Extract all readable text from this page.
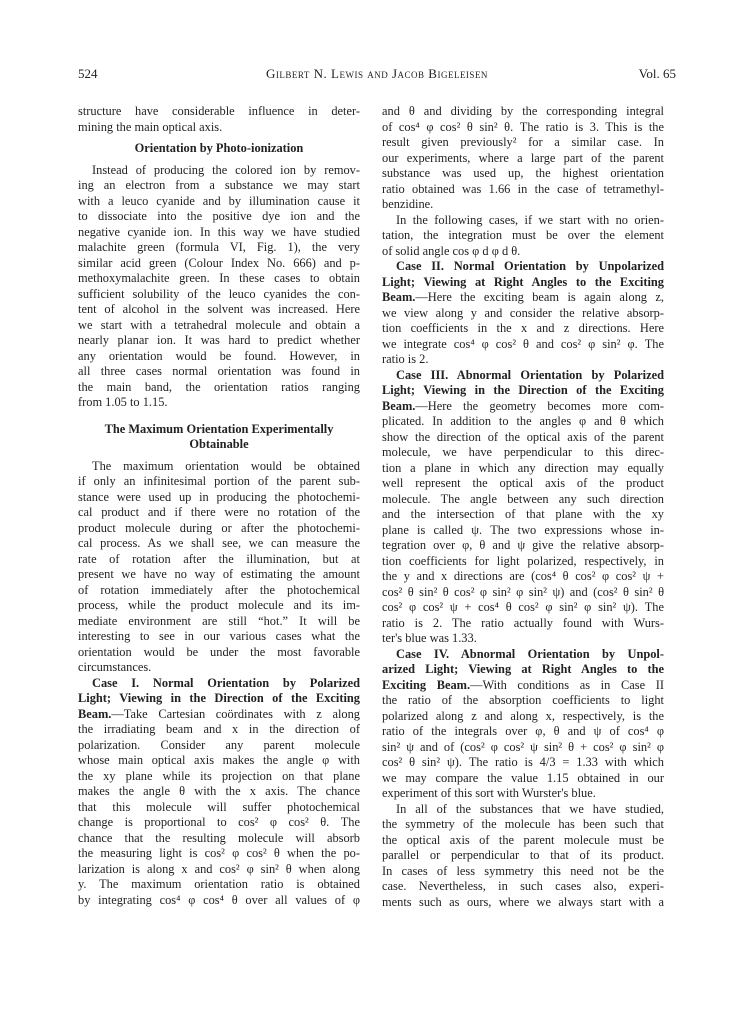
524	Gilbert N. Lewis and Jacob Bigeleisen	Vol. 65
structure have considerable influence in deter-
mining the main optical axis.
Orientation by Photo-ionization
Instead of producing the colored ion by remov-
ing an electron from a substance we may start
with a leuco cyanide and by illumination cause it
to dissociate into the positive dye ion and the
negative cyanide ion. In this way we have studied
malachite green (formula VI, Fig. 1), the very
similar acid green (Colour Index No. 666) and p-
methoxymalachite green. In these cases to obtain
sufficient solubility of the leuco cyanides the con-
tent of alcohol in the solvent was increased. Here
we start with a tetrahedral molecule and obtain a
nearly planar ion. It was hard to predict whether
any orientation would be found. However, in
all three cases normal orientation was found in
the main band, the orientation ratios ranging
from 1.05 to 1.15.
The Maximum Orientation Experimentally
Obtainable
The maximum orientation would be obtained
if only an infinitesimal portion of the parent sub-
stance were used up in producing the photochemi-
cal product and if there were no rotation of the
product molecule during or after the photochemi-
cal process. As we shall see, we can measure the
rate of rotation after the illumination, but at
present we have no way of estimating the amount
of rotation immediately after the photochemical
process, while the product molecule and its im-
mediate environment are still “hot.” It will be
interesting to see in our various cases what the
orientation would be under the most favorable
circumstances.
Case I. Normal Orientation by Polarized
Light; Viewing in the Direction of the Exciting
Beam.—Take Cartesian coördinates with z along
the irradiating beam and x in the direction of
polarization. Consider any parent molecule
whose main optical axis makes the angle φ with
the xy plane while its projection on that plane
makes the angle θ with the x axis. The chance
that this molecule will suffer photochemical
change is proportional to cos² φ cos² θ. The
chance that the resulting molecule will absorb
the measuring light is cos² φ cos² θ when the po-
larization is along x and cos² φ sin² θ when along
y. The maximum orientation ratio is obtained
by integrating cos⁴ φ cos⁴ θ over all values of φ
and θ and dividing by the corresponding integral
of cos⁴ φ cos² θ sin² θ. The ratio is 3. This is the
result given previously² for a similar case. In
our experiments, where a large part of the parent
substance was used up, the highest orientation
ratio obtained was 1.66 in the case of tetramethyl-
benzidine.
In the following cases, if we start with no orien-
tation, the integration must be over the element
of solid angle cos φ d φ d θ.
Case II. Normal Orientation by Unpolarized
Light; Viewing at Right Angles to the Exciting
Beam.—Here the exciting beam is again along z,
we view along y and consider the relative absorp-
tion coefficients in the x and z directions. Here
we integrate cos⁴ φ cos² θ and cos² φ sin² φ. The
ratio is 2.
Case III. Abnormal Orientation by Polarized
Light; Viewing in the Direction of the Exciting
Beam.—Here the geometry becomes more com-
plicated. In addition to the angles φ and θ which
show the direction of the optical axis of the parent
molecule, we have perpendicular to this direc-
tion a plane in which any direction may equally
well represent the optical axis of the product
molecule. The angle between any such direction
and the intersection of that plane with the xy
plane is called ψ. The two expressions whose in-
tegration over φ, θ and ψ give the relative absorp-
tion coefficients for light polarized, respectively, in
the y and x directions are (cos⁴ θ cos² φ cos² ψ +
cos² θ sin² θ cos² φ sin² φ sin² ψ) and (cos² θ sin² θ
cos² φ cos² ψ + cos⁴ θ cos² φ sin² φ sin² ψ). The
ratio is 2. The ratio actually found with Wurs-
ter's blue was 1.33.
Case IV. Abnormal Orientation by Unpol-
arized Light; Viewing at Right Angles to the
Exciting Beam.—With conditions as in Case II
the ratio of the absorption coefficients to light
polarized along z and along x, respectively, is the
ratio of the integrals over φ, θ and ψ of cos⁴ φ
sin² ψ and of (cos² φ cos² ψ sin² θ + cos² φ sin² φ
cos² θ sin² ψ). The ratio is 4/3 = 1.33 with which
we may compare the value 1.15 obtained in our
experiment of this sort with Wurster's blue.
In all of the substances that we have studied,
the symmetry of the molecule has been such that
the optical axis of the parent molecule must be
parallel or perpendicular to that of its product.
In cases of less symmetry this need not be the
case. Nevertheless, in such cases also, experi-
ments such as ours, where we always start with a
